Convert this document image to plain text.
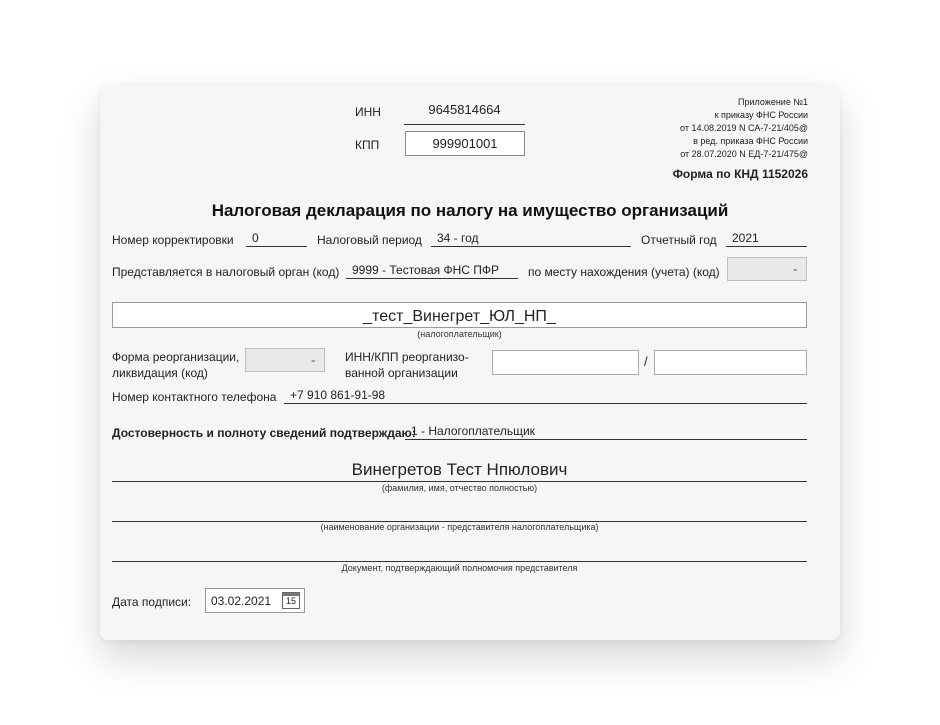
ИНН	9645814664
КПП	999901001
Приложение №1
к приказу ФНС России
от 14.08.2019 N СА-7-21/405@
в ред. приказа ФНС России
от 28.07.2020 N ЕД-7-21/475@
Форма по КНД 1152026
Налоговая декларация по налогу на имущество организаций
Номер корректировки	0	Налоговый период	34 - год	Отчетный год	2021
Представляется в налоговый орган (код)	9999 - Тестовая ФНС ПФР	по месту нахождения (учета) (код)	⌄
_тест_Винегрет_ЮЛ_НП_
(налогоплательщик)
Форма реорганизации,
ликвидация (код)
⌄ ИНН/КПП реорганизо-
ванной организации
/
Номер контактного телефона	+7 910 861-91-98
Достоверность и полноту сведений подтверждаю:
1 - Налогоплательщик
Винегретов Тест Нпюлович
(фамилия, имя, отчество полностью)
(наименование организации - представителя налогоплательщика)
Документ, подтверждающий полномочия представителя
Дата подписи: 03.02.2021	15
